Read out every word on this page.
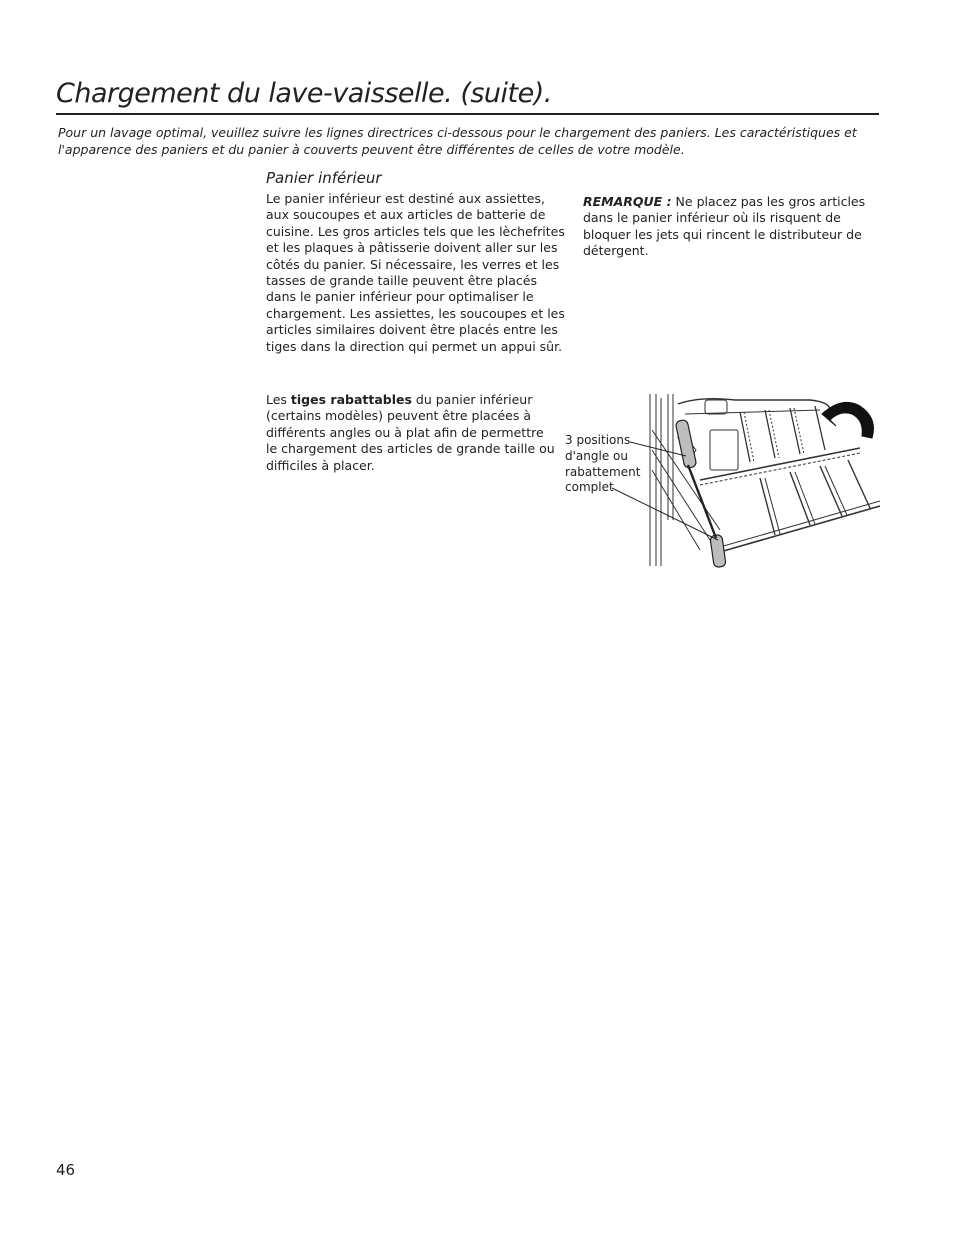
Chargement du lave-vaisselle. (suite).

Pour un lavage optimal, veuillez suivre les lignes directrices ci-dessous pour le chargement des paniers. Les caractéristiques et l'apparence des paniers et du panier à couverts peuvent être différentes de celles de votre modèle.

Panier inférieur

Le panier inférieur est destiné aux assiettes, aux soucoupes et aux articles de batterie de cuisine. Les gros articles tels que les lèchefrites et les plaques à pâtisserie doivent aller sur les côtés du panier. Si nécessaire, les verres et les tasses de grande taille peuvent être placés dans le panier inférieur pour optimaliser le chargement. Les assiettes, les soucoupes et les articles similaires doivent être placés entre les tiges dans la direction qui permet un appui sûr.

Les tiges rabattables du panier inférieur (certains modèles) peuvent être placées à différents angles ou à plat afin de permettre le chargement des articles de grande taille ou difficiles à placer.

REMARQUE : Ne placez pas les gros articles dans le panier inférieur où ils risquent de bloquer les jets qui rincent le distributeur de détergent.

3 positions d'angle ou rabattement complet

46
